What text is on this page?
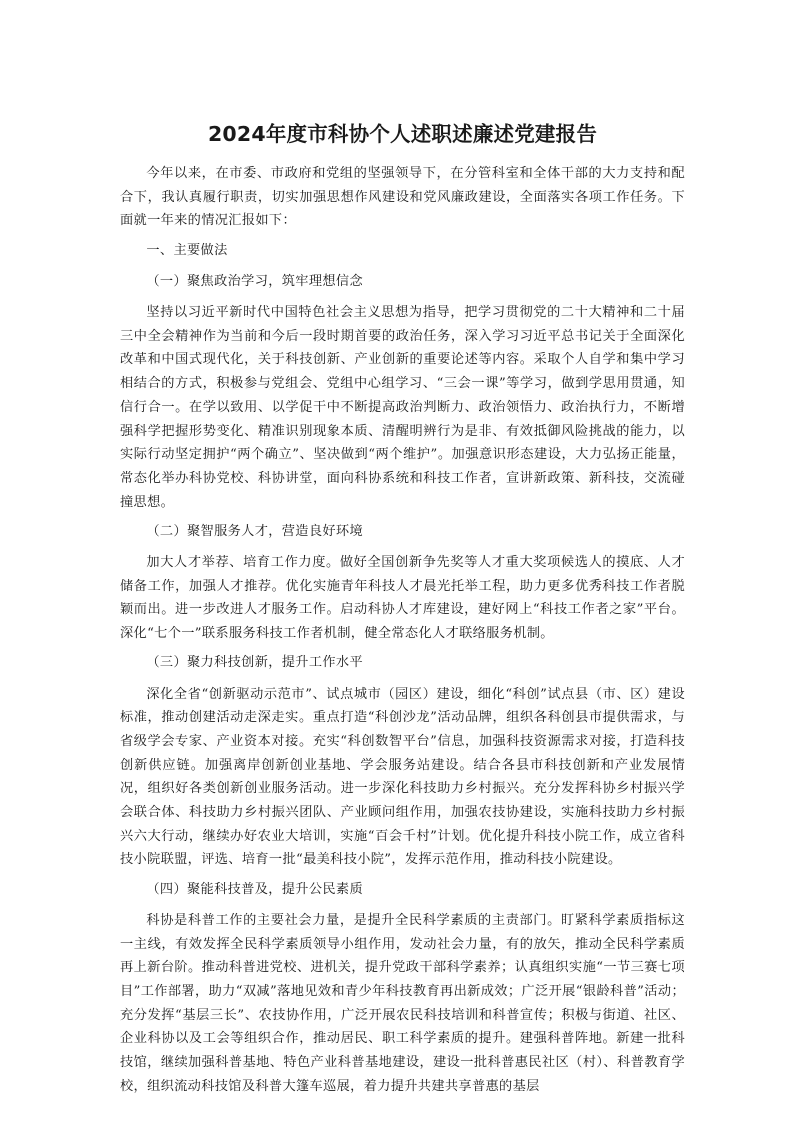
2024年度市科协个人述职述廉述党建报告

今年以来，在市委、市政府和党组的坚强领导下，在分管科室和全体干部的大力支持和配合下，我认真履行职责，切实加强思想作风建设和党风廉政建设，全面落实各项工作任务。下面就一年来的情况汇报如下：

一、主要做法

（一）聚焦政治学习，筑牢理想信念

坚持以习近平新时代中国特色社会主义思想为指导，把学习贯彻党的二十大精神和二十届三中全会精神作为当前和今后一段时期首要的政治任务，深入学习习近平总书记关于全面深化改革和中国式现代化，关于科技创新、产业创新的重要论述等内容。采取个人自学和集中学习相结合的方式，积极参与党组会、党组中心组学习、“三会一课”等学习，做到学思用贯通，知信行合一。在学以致用、以学促干中不断提高政治判断力、政治领悟力、政治执行力，不断增强科学把握形势变化、精准识别现象本质、清醒明辨行为是非、有效抵御风险挑战的能力，以实际行动坚定拥护“两个确立”、坚决做到“两个维护”。加强意识形态建设，大力弘扬正能量，常态化举办科协党校、科协讲堂，面向科协系统和科技工作者，宣讲新政策、新科技，交流碰撞思想。

（二）聚智服务人才，营造良好环境

加大人才举荐、培育工作力度。做好全国创新争先奖等人才重大奖项候选人的摸底、人才储备工作，加强人才推荐。优化实施青年科技人才晨光托举工程，助力更多优秀科技工作者脱颖而出。进一步改进人才服务工作。启动科协人才库建设，建好网上“科技工作者之家”平台。深化“七个一”联系服务科技工作者机制，健全常态化人才联络服务机制。

（三）聚力科技创新，提升工作水平

深化全省“创新驱动示范市”、试点城市（园区）建设，细化“科创”试点县（市、区）建设标准，推动创建活动走深走实。重点打造“科创沙龙”活动品牌，组织各科创县市提供需求，与省级学会专家、产业资本对接。充实“科创数智平台”信息，加强科技资源需求对接，打造科技创新供应链。加强离岸创新创业基地、学会服务站建设。结合各县市科技创新和产业发展情况，组织好各类创新创业服务活动。进一步深化科技助力乡村振兴。充分发挥科协乡村振兴学会联合体、科技助力乡村振兴团队、产业顾问组作用，加强农技协建设，实施科技助力乡村振兴六大行动，继续办好农业大培训，实施“百会千村”计划。优化提升科技小院工作，成立省科技小院联盟，评选、培育一批“最美科技小院”，发挥示范作用，推动科技小院建设。

（四）聚能科技普及，提升公民素质

科协是科普工作的主要社会力量，是提升全民科学素质的主责部门。盯紧科学素质指标这一主线，有效发挥全民科学素质领导小组作用，发动社会力量，有的放矢，推动全民科学素质再上新台阶。推动科普进党校、进机关，提升党政干部科学素养；认真组织实施“一节三赛七项目”工作部署，助力“双减”落地见效和青少年科技教育再出新成效；广泛开展“银龄科普”活动；充分发挥“基层三长”、农技协作用，广泛开展农民科技培训和科普宣传；积极与街道、社区、企业科协以及工会等组织合作，推动居民、职工科学素质的提升。建强科普阵地。新建一批科技馆，继续加强科普基地、特色产业科普基地建设，建设一批科普惠民社区（村）、科普教育学校，组织流动科技馆及科普大篷车巡展，着力提升共建共享普惠的基层
